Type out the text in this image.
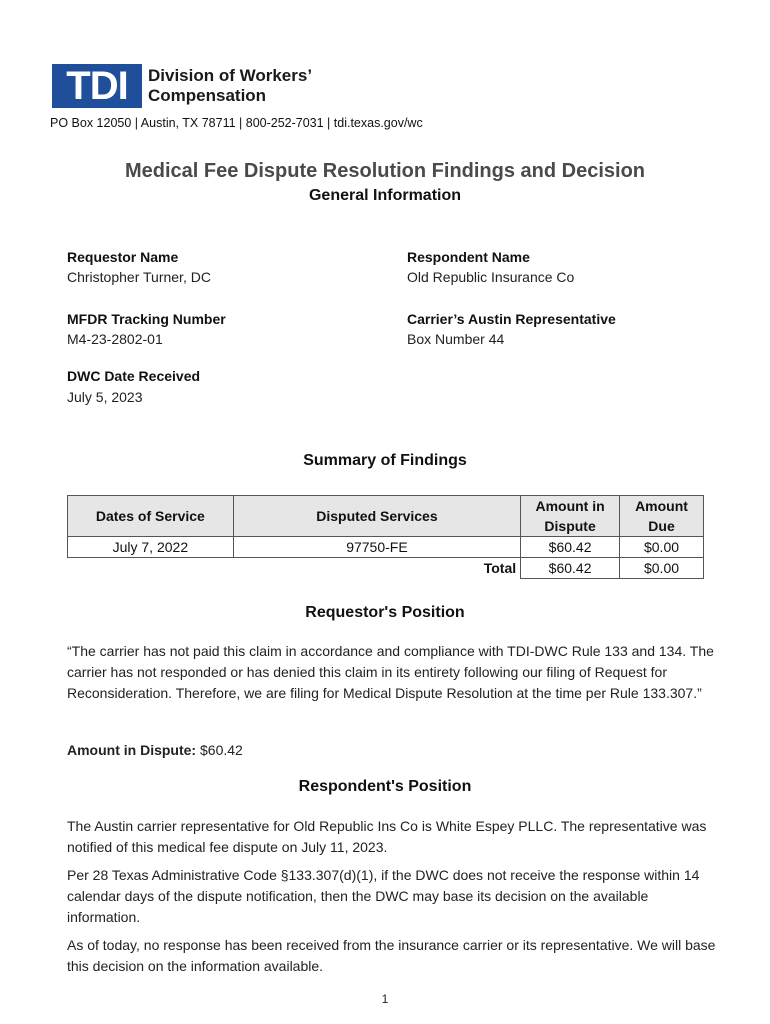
TDI	Division of Workers’
Compensation
PO Box 12050 | Austin, TX 78711 | 800-252-7031 | tdi.texas.gov/wc
Medical Fee Dispute Resolution Findings and Decision
General Information
Requestor Name
Christopher Turner, DC
Respondent Name
Old Republic Insurance Co
MFDR Tracking Number
M4-23-2802-01
Carrier’s Austin Representative
Box Number 44
DWC Date Received
July 5, 2023
Summary of Findings
Dates of Service	Disputed Services	Amount in Dispute	Amount Due
July 7, 2022	97750-FE	$60.42	$0.00
	Total	$60.42	$0.00
Requestor's Position
“The carrier has not paid this claim in accordance and compliance with TDI-DWC Rule 133 and 134. The carrier has not responded or has denied this claim in its entirety following our filing of Request for Reconsideration. Therefore, we are filing for Medical Dispute Resolution at the time per Rule 133.307.”
Amount in Dispute: $60.42
Respondent's Position
The Austin carrier representative for Old Republic Ins Co is White Espey PLLC. The representative was notified of this medical fee dispute on July 11, 2023.
Per 28 Texas Administrative Code §133.307(d)(1), if the DWC does not receive the response within 14 calendar days of the dispute notification, then the DWC may base its decision on the available information.
As of today, no response has been received from the insurance carrier or its representative. We will base this decision on the information available.
1
